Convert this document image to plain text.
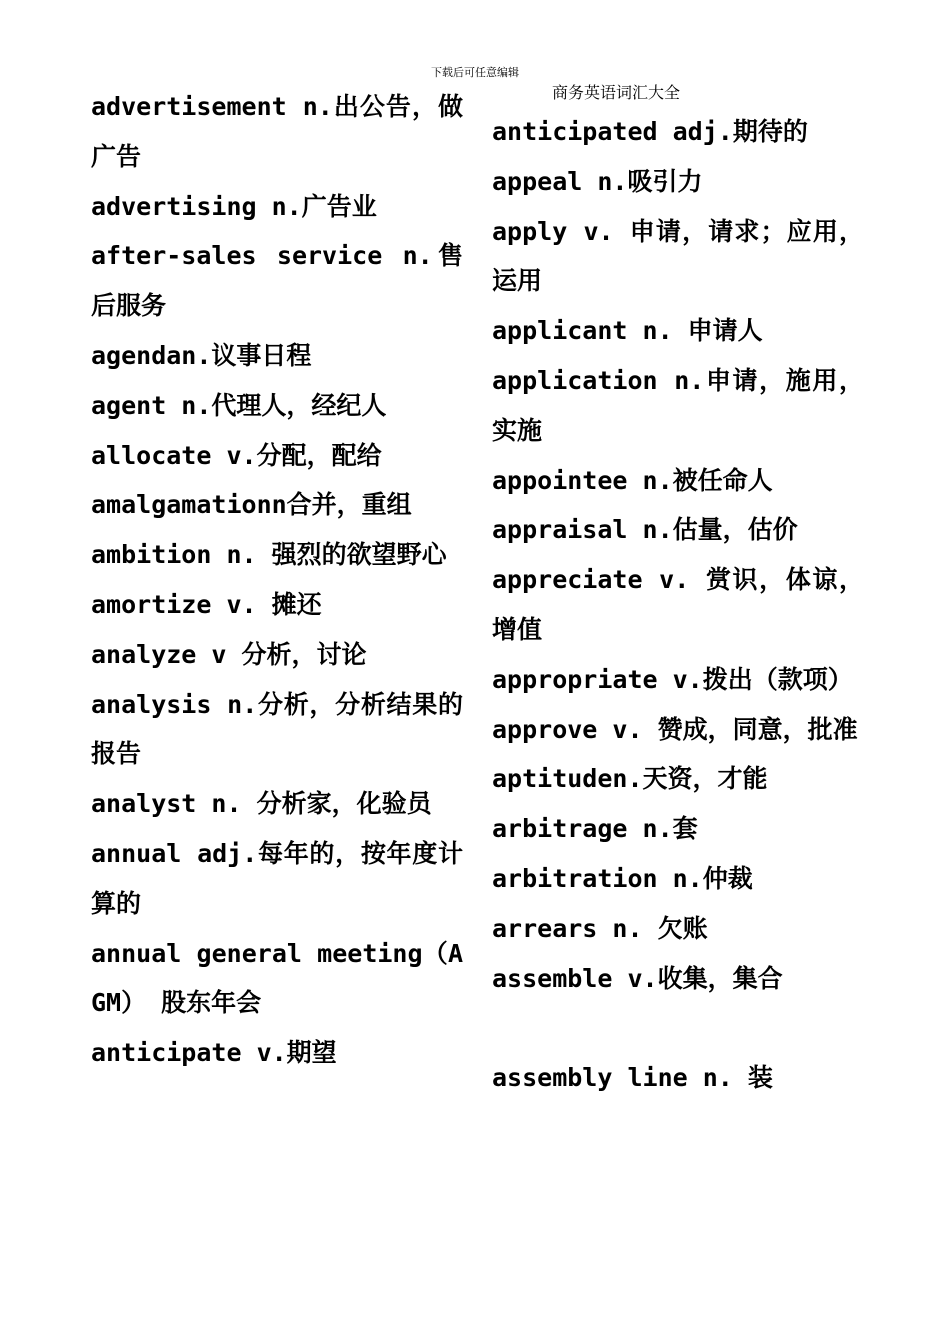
下载后可任意编辑
商务英语词汇大全
advertisement n.出公告，做广告
advertising n.广告业
after-sales service n.售后服务
agendan.议事日程
agent n.代理人，经纪人
allocate v.分配，配给
amalgamationn合并，重组
ambition n. 强烈的欲望野心
amortize v. 摊还
analyze v 分析，讨论
analysis n.分析，分析结果的报告
analyst n. 分析家，化验员
annual adj.每年的，按年度计算的
annual general meeting（AGM） 股东年会
anticipate v.期望
anticipated adj.期待的
appeal n.吸引力
apply v. 申请，请求；应用，运用
applicant n. 申请人
application n.申请，施用，实施
appointee n.被任命人
appraisal n.估量，估价
appreciate v. 赏识，体谅，增值
appropriate v.拨出（款项）
approve v. 赞成，同意，批准
aptituden.天资，才能
arbitrage n.套
arbitration n.仲裁
arrears n. 欠账
assemble v.收集，集合
assembly line n. 装
